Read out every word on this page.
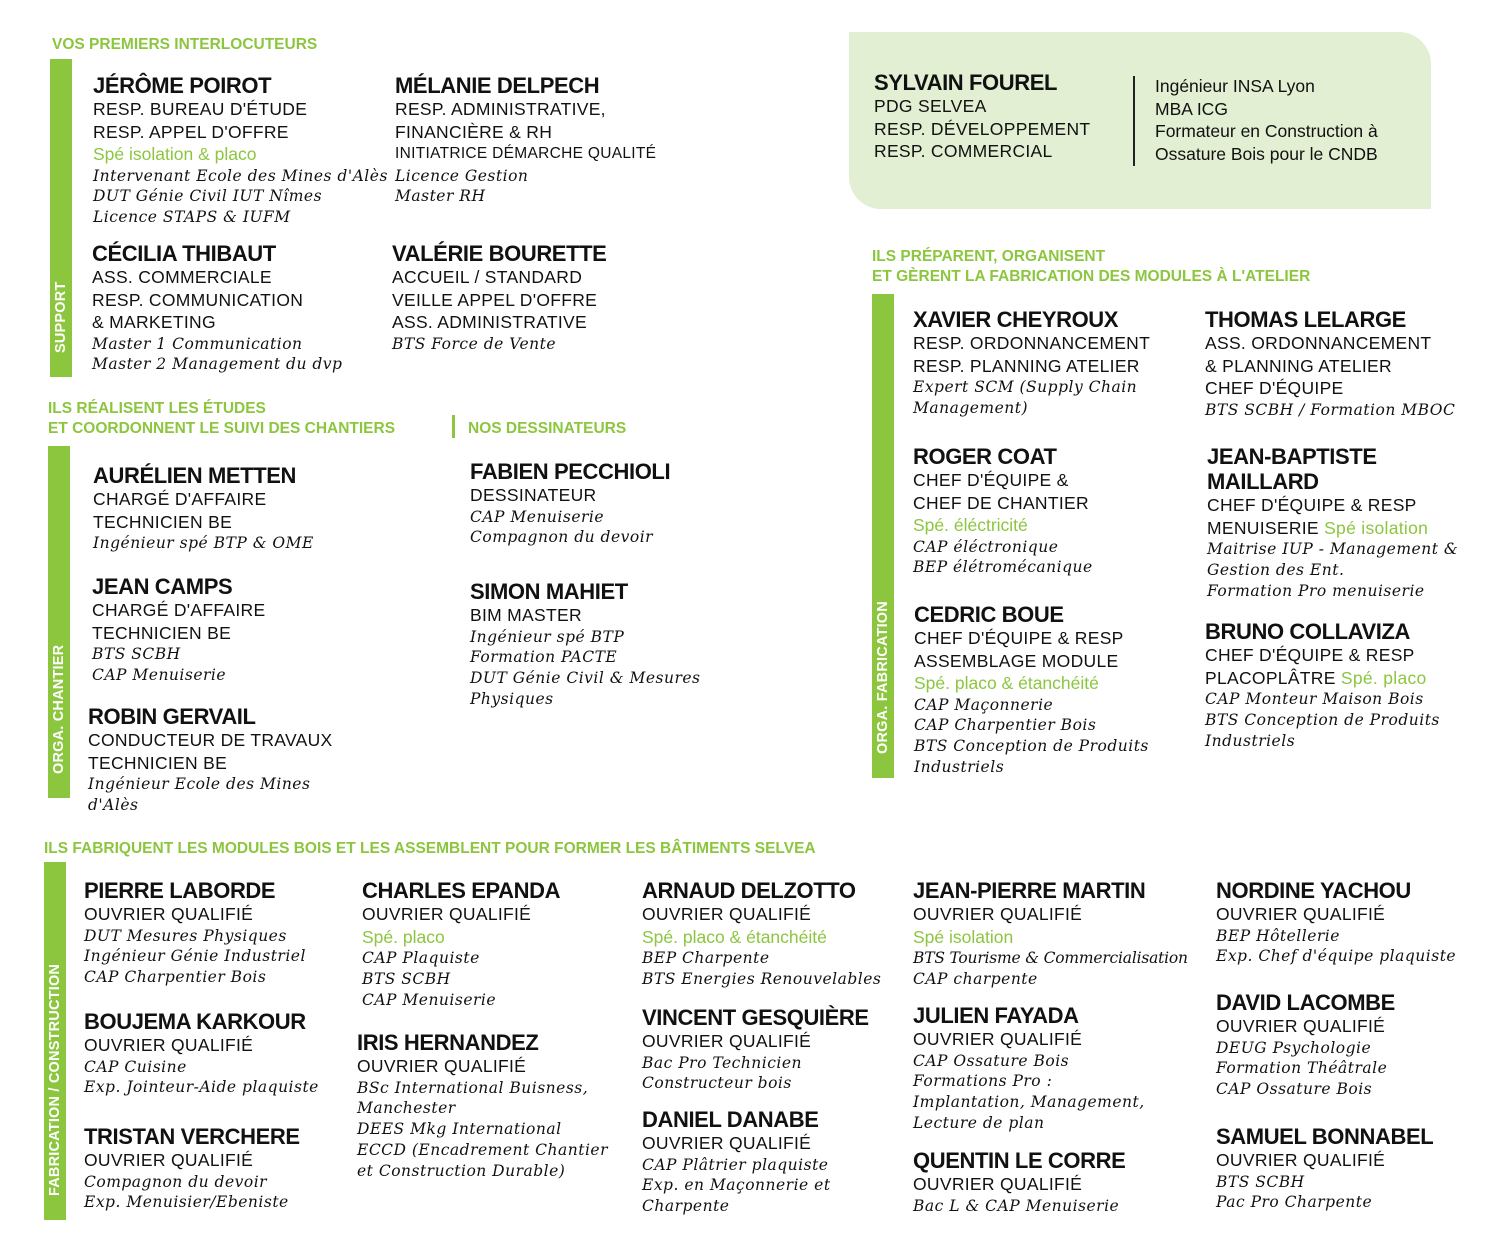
VOS PREMIERS INTERLOCUTEURS
ILS RÉALISENT LES ÉTUDES
ET COORDONNENT LE SUIVI DES CHANTIERS	NOS DESSINATEURS
ILS PRÉPARENT, ORGANISENT
ET GÈRENT LA FABRICATION DES MODULES À L'ATELIER
ILS FABRIQUENT LES MODULES BOIS ET LES ASSEMBLENT POUR FORMER LES BÂTIMENTS SELVEA
SUPPORT
ORGA. CHANTIER	ORGA. FABRICATION
FABRICATION / CONSTRUCTION
SYLVAIN FOUREL
PDG SELVEA
RESP. DÉVELOPPEMENT
RESP. COMMERCIAL
Ingénieur INSA Lyon
MBA ICG
Formateur en Construction à
Ossature Bois pour le CNDB
JÉRÔME POIROT
RESP. BUREAU D'ÉTUDE
RESP. APPEL D'OFFRE
Spé isolation & placo
Intervenant Ecole des Mines d'Alès
DUT Génie Civil IUT Nîmes
Licence STAPS & IUFM
MÉLANIE DELPECH
RESP. ADMINISTRATIVE,
FINANCIÈRE & RH
INITIATRICE DÉMARCHE QUALITÉ
Licence Gestion
Master RH
CÉCILIA THIBAUT
ASS. COMMERCIALE
RESP. COMMUNICATION
& MARKETING
Master 1 Communication
Master 2 Management du dvp
VALÉRIE BOURETTE
ACCUEIL / STANDARD
VEILLE APPEL D'OFFRE
ASS. ADMINISTRATIVE
BTS Force de Vente
AURÉLIEN METTEN
CHARGÉ D'AFFAIRE
TECHNICIEN BE
Ingénieur spé BTP & OME
JEAN CAMPS
CHARGÉ D'AFFAIRE
TECHNICIEN BE
BTS SCBH
CAP Menuiserie
ROBIN GERVAIL
CONDUCTEUR DE TRAVAUX
TECHNICIEN BE
Ingénieur Ecole des Mines
d'Alès
FABIEN PECCHIOLI
DESSINATEUR
CAP Menuiserie
Compagnon du devoir
SIMON MAHIET
BIM MASTER
Ingénieur spé BTP
Formation PACTE
DUT Génie Civil & Mesures
Physiques
XAVIER CHEYROUX
RESP. ORDONNANCEMENT
RESP. PLANNING ATELIER
Expert SCM (Supply Chain
Management)
THOMAS LELARGE
ASS. ORDONNANCEMENT
& PLANNING ATELIER
CHEF D'ÉQUIPE
BTS SCBH / Formation MBOC
ROGER COAT
CHEF D'ÉQUIPE &
CHEF DE CHANTIER
Spé. éléctricité
CAP éléctronique
BEP élétromécanique
JEAN-BAPTISTE
MAILLARD
CHEF D'ÉQUIPE & RESP
MENUISERIE Spé isolation
Maitrise IUP - Management &
Gestion des Ent.
Formation Pro menuiserie
CEDRIC BOUE
CHEF D'ÉQUIPE & RESP
ASSEMBLAGE MODULE
Spé. placo & étanchéité
CAP Maçonnerie
CAP Charpentier Bois
BTS Conception de Produits
Industriels
BRUNO COLLAVIZA
CHEF D'ÉQUIPE & RESP
PLACOPLÂTRE Spé. placo
CAP Monteur Maison Bois
BTS Conception de Produits
Industriels
PIERRE LABORDE
OUVRIER QUALIFIÉ
DUT Mesures Physiques
Ingénieur Génie Industriel
CAP Charpentier Bois
BOUJEMA KARKOUR
OUVRIER QUALIFIÉ
CAP Cuisine
Exp. Jointeur-Aide plaquiste
TRISTAN VERCHERE
OUVRIER QUALIFIÉ
Compagnon du devoir
Exp. Menuisier/Ebeniste
CHARLES EPANDA
OUVRIER QUALIFIÉ
Spé. placo
CAP Plaquiste
BTS SCBH
CAP Menuiserie
IRIS HERNANDEZ
OUVRIER QUALIFIÉ
BSc International Buisness,
Manchester
DEES Mkg International
ECCD (Encadrement Chantier
et Construction Durable)
ARNAUD DELZOTTO
OUVRIER QUALIFIÉ
Spé. placo & étanchéité
BEP Charpente
BTS Energies Renouvelables
VINCENT GESQUIÈRE
OUVRIER QUALIFIÉ
Bac Pro Technicien
Constructeur bois
DANIEL DANABE
OUVRIER QUALIFIÉ
CAP Plâtrier plaquiste
Exp. en Maçonnerie et
Charpente
JEAN-PIERRE MARTIN
OUVRIER QUALIFIÉ
Spé isolation
BTS Tourisme & Commercialisation
CAP charpente
JULIEN FAYADA
OUVRIER QUALIFIÉ
CAP Ossature Bois
Formations Pro :
Implantation, Management,
Lecture de plan
QUENTIN LE CORRE
OUVRIER QUALIFIÉ
Bac L & CAP Menuiserie
NORDINE YACHOU
OUVRIER QUALIFIÉ
BEP Hôtellerie
Exp. Chef d'équipe plaquiste
DAVID LACOMBE
OUVRIER QUALIFIÉ
DEUG Psychologie
Formation Théâtrale
CAP Ossature Bois
SAMUEL BONNABEL
OUVRIER QUALIFIÉ
BTS SCBH
Pac Pro Charpente
